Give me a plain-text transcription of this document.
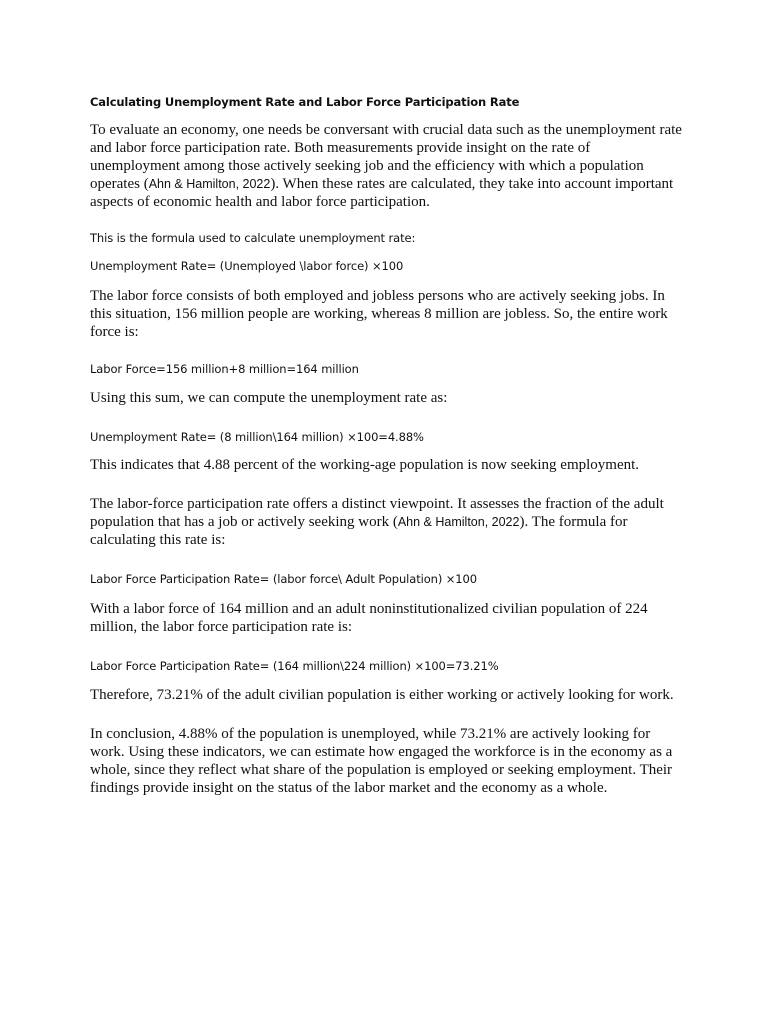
Calculating Unemployment Rate and Labor Force Participation Rate

To evaluate an economy, one needs be conversant with crucial data such as the unemployment rate and labor force participation rate. Both measurements provide insight on the rate of unemployment among those actively seeking job and the efficiency with which a population operates (Ahn & Hamilton, 2022). When these rates are calculated, they take into account important aspects of economic health and labor force participation.

This is the formula used to calculate unemployment rate:

Unemployment Rate= (Unemployed \labor force) ×100

The labor force consists of both employed and jobless persons who are actively seeking jobs. In this situation, 156 million people are working, whereas 8 million are jobless. So, the entire work force is:

Labor Force=156 million+8 million=164 million

Using this sum, we can compute the unemployment rate as:

Unemployment Rate= (8 million\164 million) ×100=4.88%

This indicates that 4.88 percent of the working-age population is now seeking employment.

The labor-force participation rate offers a distinct viewpoint. It assesses the fraction of the adult population that has a job or actively seeking work (Ahn & Hamilton, 2022). The formula for calculating this rate is:

Labor Force Participation Rate= (labor force\ Adult Population) ×100

With a labor force of 164 million and an adult noninstitutionalized civilian population of 224 million, the labor force participation rate is:

Labor Force Participation Rate= (164 million\224 million) ×100=73.21%

Therefore, 73.21% of the adult civilian population is either working or actively looking for work.

In conclusion, 4.88% of the population is unemployed, while 73.21% are actively looking for work. Using these indicators, we can estimate how engaged the workforce is in the economy as a whole, since they reflect what share of the population is employed or seeking employment. Their findings provide insight on the status of the labor market and the economy as a whole.
